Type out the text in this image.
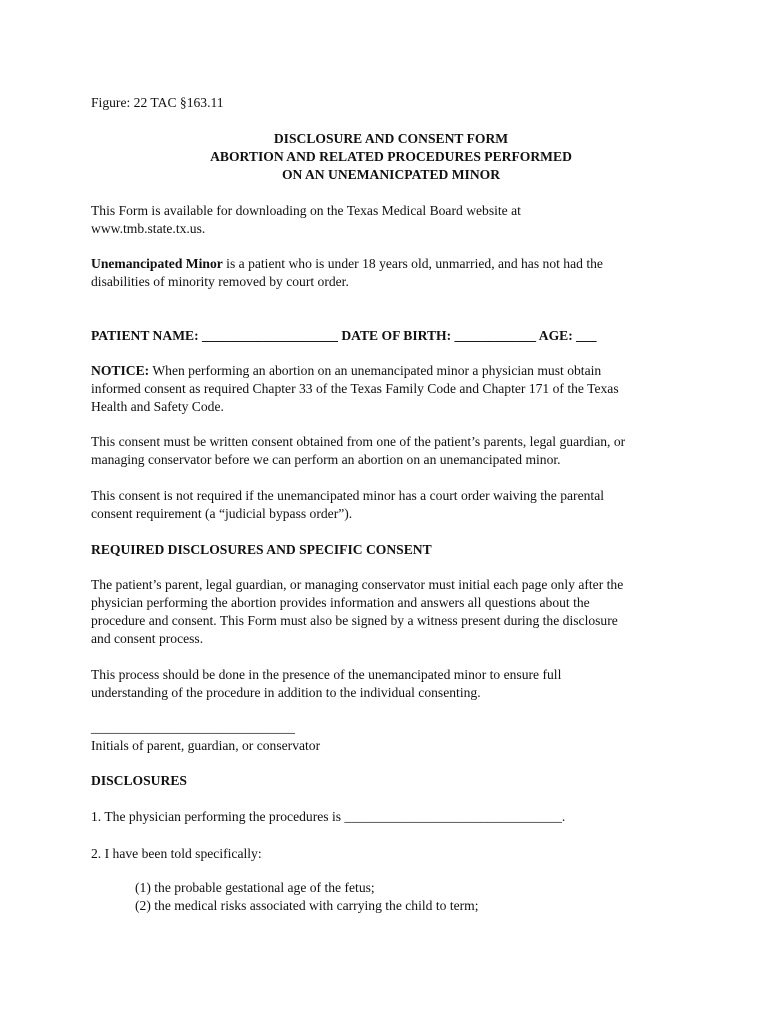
Figure: 22 TAC §163.11
DISCLOSURE AND CONSENT FORM
ABORTION AND RELATED PROCEDURES PERFORMED
ON AN UNEMANICPATED MINOR
This Form is available for downloading on the Texas Medical Board website at
www.tmb.state.tx.us.
Unemancipated Minor is a patient who is under 18 years old, unmarried, and has not had the
disabilities of minority removed by court order.
PATIENT NAME: ____________________ DATE OF BIRTH: ____________ AGE: ___
NOTICE: When performing an abortion on an unemancipated minor a physician must obtain
informed consent as required Chapter 33 of the Texas Family Code and Chapter 171 of the Texas
Health and Safety Code.
This consent must be written consent obtained from one of the patient’s parents, legal guardian, or
managing conservator before we can perform an abortion on an unemancipated minor.
This consent is not required if the unemancipated minor has a court order waiving the parental
consent requirement (a “judicial bypass order”).
REQUIRED DISCLOSURES AND SPECIFIC CONSENT
The patient’s parent, legal guardian, or managing conservator must initial each page only after the
physician performing the abortion provides information and answers all questions about the
procedure and consent. This Form must also be signed by a witness present during the disclosure
and consent process.
This process should be done in the presence of the unemancipated minor to ensure full
understanding of the procedure in addition to the individual consenting.
______________________________
Initials of parent, guardian, or conservator
DISCLOSURES
1. The physician performing the procedures is ________________________________.
2. I have been told specifically:
(1) the probable gestational age of the fetus;
(2) the medical risks associated with carrying the child to term;
